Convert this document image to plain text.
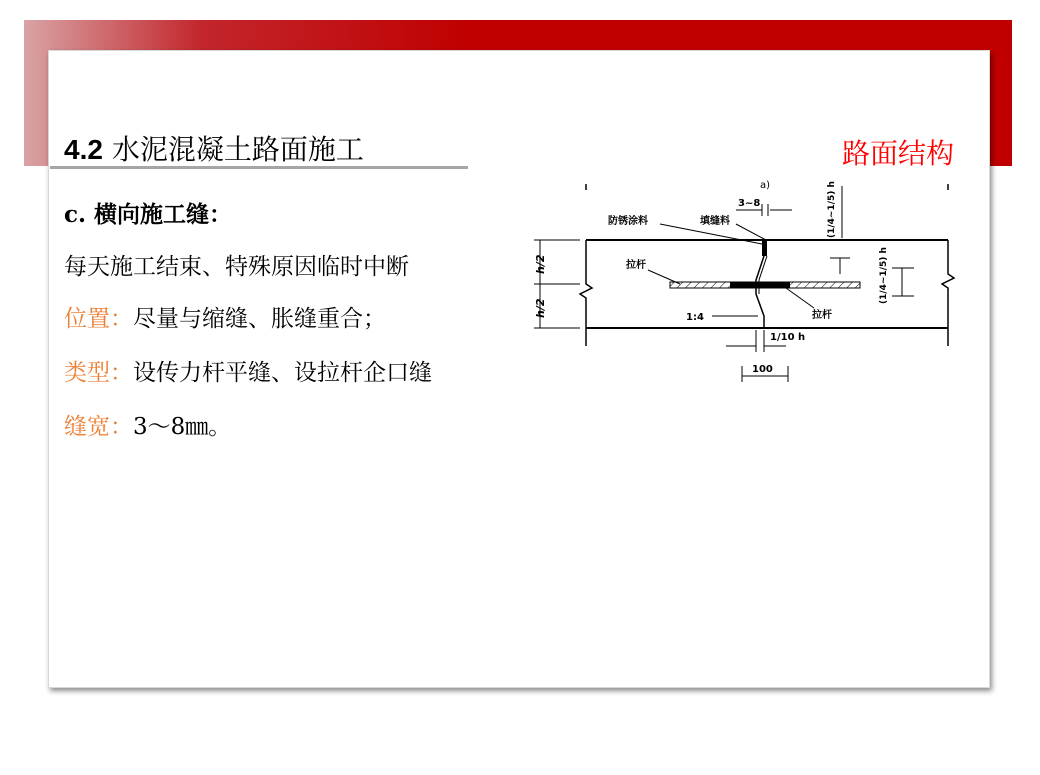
4.2 水泥混凝土路面施工	路面结构
c. 横向施工缝：
每天施工结束、特殊原因临时中断
位置：尽量与缩缝、胀缝重合；
类型：设传力杆平缝、设拉杆企口缝
缝宽：3～8㎜。
a)
h/2
h/2
3~8
防锈涂料	填缝料	(1/4~1/5) h
拉杆
拉杆
1:4
(1/4~1/5) h
1/10 h
100
